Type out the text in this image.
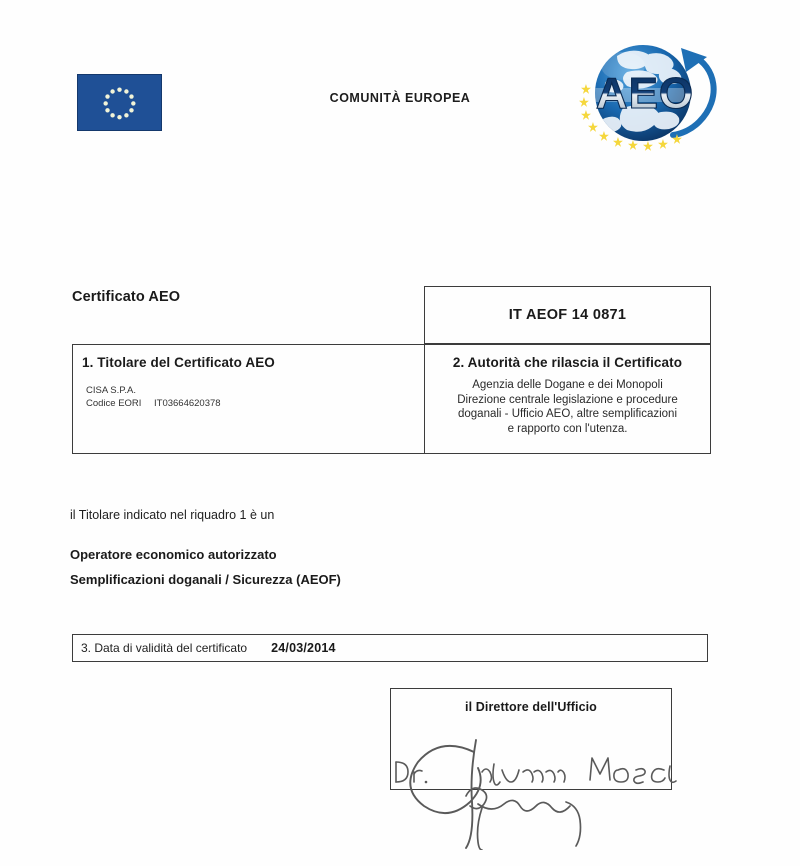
COMUNITÀ EUROPEA	AEO
Certificato AEO
IT AEOF 14 0871
1. Titolare del Certificato AEO
CISA S.P.A.
Codice EORI	IT03664620378
2. Autorità che rilascia il Certificato
Agenzia delle Dogane e dei Monopoli
Direzione centrale legislazione e procedure
doganali - Ufficio AEO, altre semplificazioni
e rapporto con l'utenza.
il Titolare indicato nel riquadro 1 è un
Operatore economico autorizzato
Semplificazioni doganali / Sicurezza (AEOF)
3. Data di validità del certificato	24/03/2014
il Direttore dell'Ufficio
